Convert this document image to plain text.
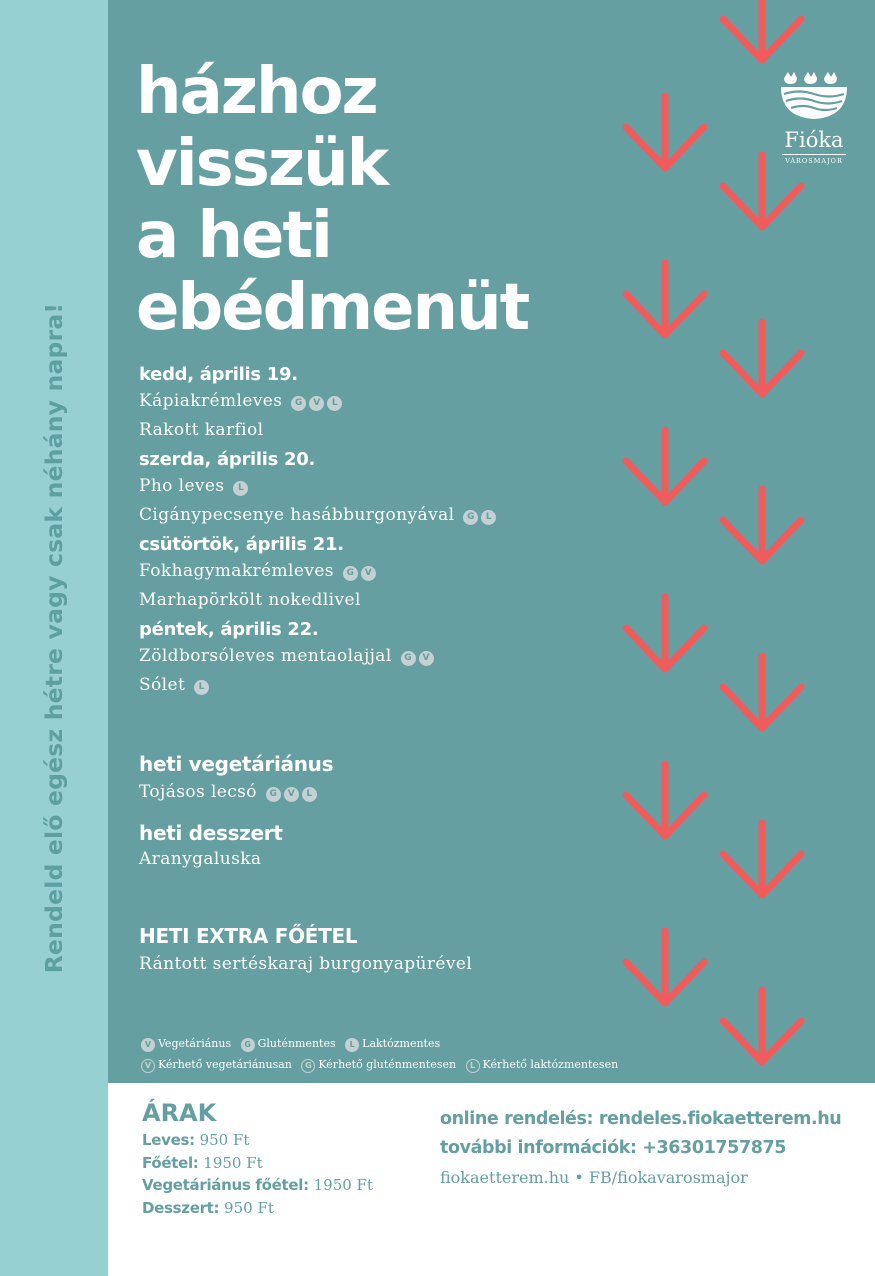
Rendeld elő egész hétre vagy csak néhány napra!
házhoz
visszük
a heti
ebédmenüt
Fióka
VÁROSMAJOR
kedd, április 19.
Kápiakrémleves G V L
Rakott karfiol
szerda, április 20.
Pho leves L
Cigánypecsenye hasábburgonyával G L
csütörtök, április 21.
Fokhagymakrémleves G V
Marhapörkölt nokedlivel
péntek, április 22.
Zöldborsóleves mentaolajjal G V
Sólet L
heti vegetáriánus
Tojásos lecsó G V L
heti desszert
Aranygaluska
HETI EXTRA FŐÉTEL
Rántott sertéskaraj burgonyapürével
V Vegetáriánus G Gluténmentes L Laktózmentes
V Kérhető vegetáriánusan G Kérhető gluténmentesen L Kérhető laktózmentesen
ÁRAK
Leves: 950 Ft
Főétel: 1950 Ft
Vegetáriánus főétel: 1950 Ft
Desszert: 950 Ft
online rendelés: rendeles.fiokaetterem.hu
további információk: +36301757875
fiokaetterem.hu • FB/fiokavarosmajor
